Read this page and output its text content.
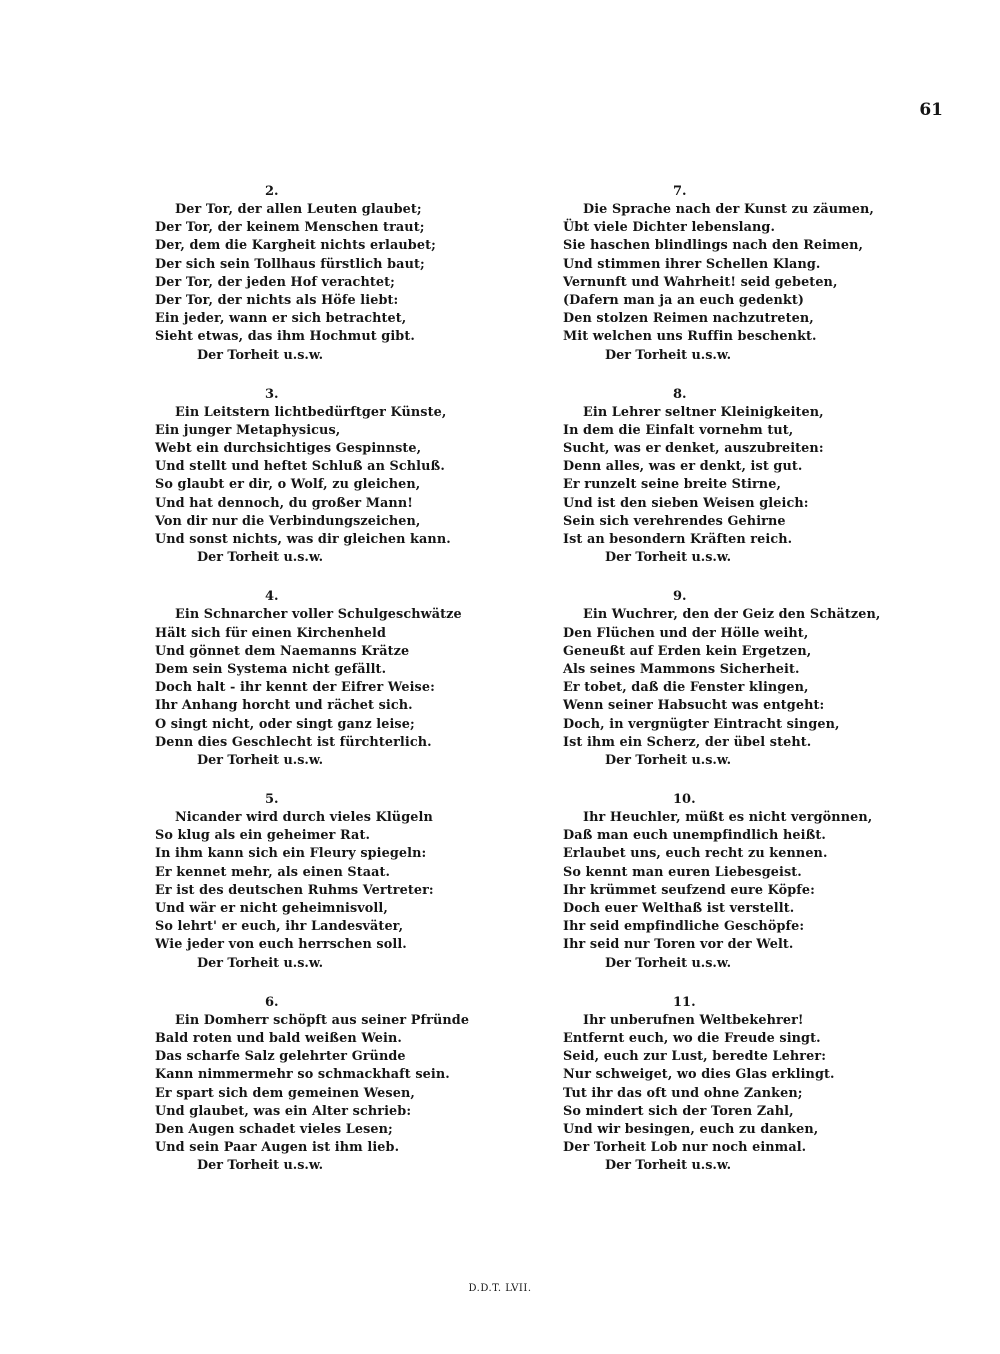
61
2.
Der Tor, der allen Leuten glaubet;
Der Tor, der keinem Menschen traut;
Der, dem die Kargheit nichts erlaubet;
Der sich sein Tollhaus fürstlich baut;
Der Tor, der jeden Hof verachtet;
Der Tor, der nichts als Höfe liebt:
Ein jeder, wann er sich betrachtet,
Sieht etwas, das ihm Hochmut gibt.
Der Torheit u.s.w.
3.
Ein Leitstern lichtbedürftger Künste,
Ein junger Metaphysicus,
Webt ein durchsichtiges Gespinnste,
Und stellt und heftet Schluß an Schluß.
So glaubt er dir, o Wolf, zu gleichen,
Und hat dennoch, du großer Mann!
Von dir nur die Verbindungszeichen,
Und sonst nichts, was dir gleichen kann.
Der Torheit u.s.w.
4.
Ein Schnarcher voller Schulgeschwätze
Hält sich für einen Kirchenheld
Und gönnet dem Naemanns Krätze
Dem sein Systema nicht gefällt.
Doch halt - ihr kennt der Eifrer Weise:
Ihr Anhang horcht und rächet sich.
O singt nicht, oder singt ganz leise;
Denn dies Geschlecht ist fürchterlich.
Der Torheit u.s.w.
5.
Nicander wird durch vieles Klügeln
So klug als ein geheimer Rat.
In ihm kann sich ein Fleury spiegeln:
Er kennet mehr, als einen Staat.
Er ist des deutschen Ruhms Vertreter:
Und wär er nicht geheimnisvoll,
So lehrt' er euch, ihr Landesväter,
Wie jeder von euch herrschen soll.
Der Torheit u.s.w.
6.
Ein Domherr schöpft aus seiner Pfründe
Bald roten und bald weißen Wein.
Das scharfe Salz gelehrter Gründe
Kann nimmermehr so schmackhaft sein.
Er spart sich dem gemeinen Wesen,
Und glaubet, was ein Alter schrieb:
Den Augen schadet vieles Lesen;
Und sein Paar Augen ist ihm lieb.
Der Torheit u.s.w.
7.
Die Sprache nach der Kunst zu zäumen,
Übt viele Dichter lebenslang.
Sie haschen blindlings nach den Reimen,
Und stimmen ihrer Schellen Klang.
Vernunft und Wahrheit! seid gebeten,
(Dafern man ja an euch gedenkt)
Den stolzen Reimen nachzutreten,
Mit welchen uns Ruffin beschenkt.
Der Torheit u.s.w.
8.
Ein Lehrer seltner Kleinigkeiten,
In dem die Einfalt vornehm tut,
Sucht, was er denket, auszubreiten:
Denn alles, was er denkt, ist gut.
Er runzelt seine breite Stirne,
Und ist den sieben Weisen gleich:
Sein sich verehrendes Gehirne
Ist an besondern Kräften reich.
Der Torheit u.s.w.
9.
Ein Wuchrer, den der Geiz den Schätzen,
Den Flüchen und der Hölle weiht,
Geneußt auf Erden kein Ergetzen,
Als seines Mammons Sicherheit.
Er tobet, daß die Fenster klingen,
Wenn seiner Habsucht was entgeht:
Doch, in vergnügter Eintracht singen,
Ist ihm ein Scherz, der übel steht.
Der Torheit u.s.w.
10.
Ihr Heuchler, müßt es nicht vergönnen,
Daß man euch unempfindlich heißt.
Erlaubet uns, euch recht zu kennen.
So kennt man euren Liebesgeist.
Ihr krümmet seufzend eure Köpfe:
Doch euer Welthaß ist verstellt.
Ihr seid empfindliche Geschöpfe:
Ihr seid nur Toren vor der Welt.
Der Torheit u.s.w.
11.
Ihr unberufnen Weltbekehrer!
Entfernt euch, wo die Freude singt.
Seid, euch zur Lust, beredte Lehrer:
Nur schweiget, wo dies Glas erklingt.
Tut ihr das oft und ohne Zanken;
So mindert sich der Toren Zahl,
Und wir besingen, euch zu danken,
Der Torheit Lob nur noch einmal.
Der Torheit u.s.w.
D.D.T. LVII.
